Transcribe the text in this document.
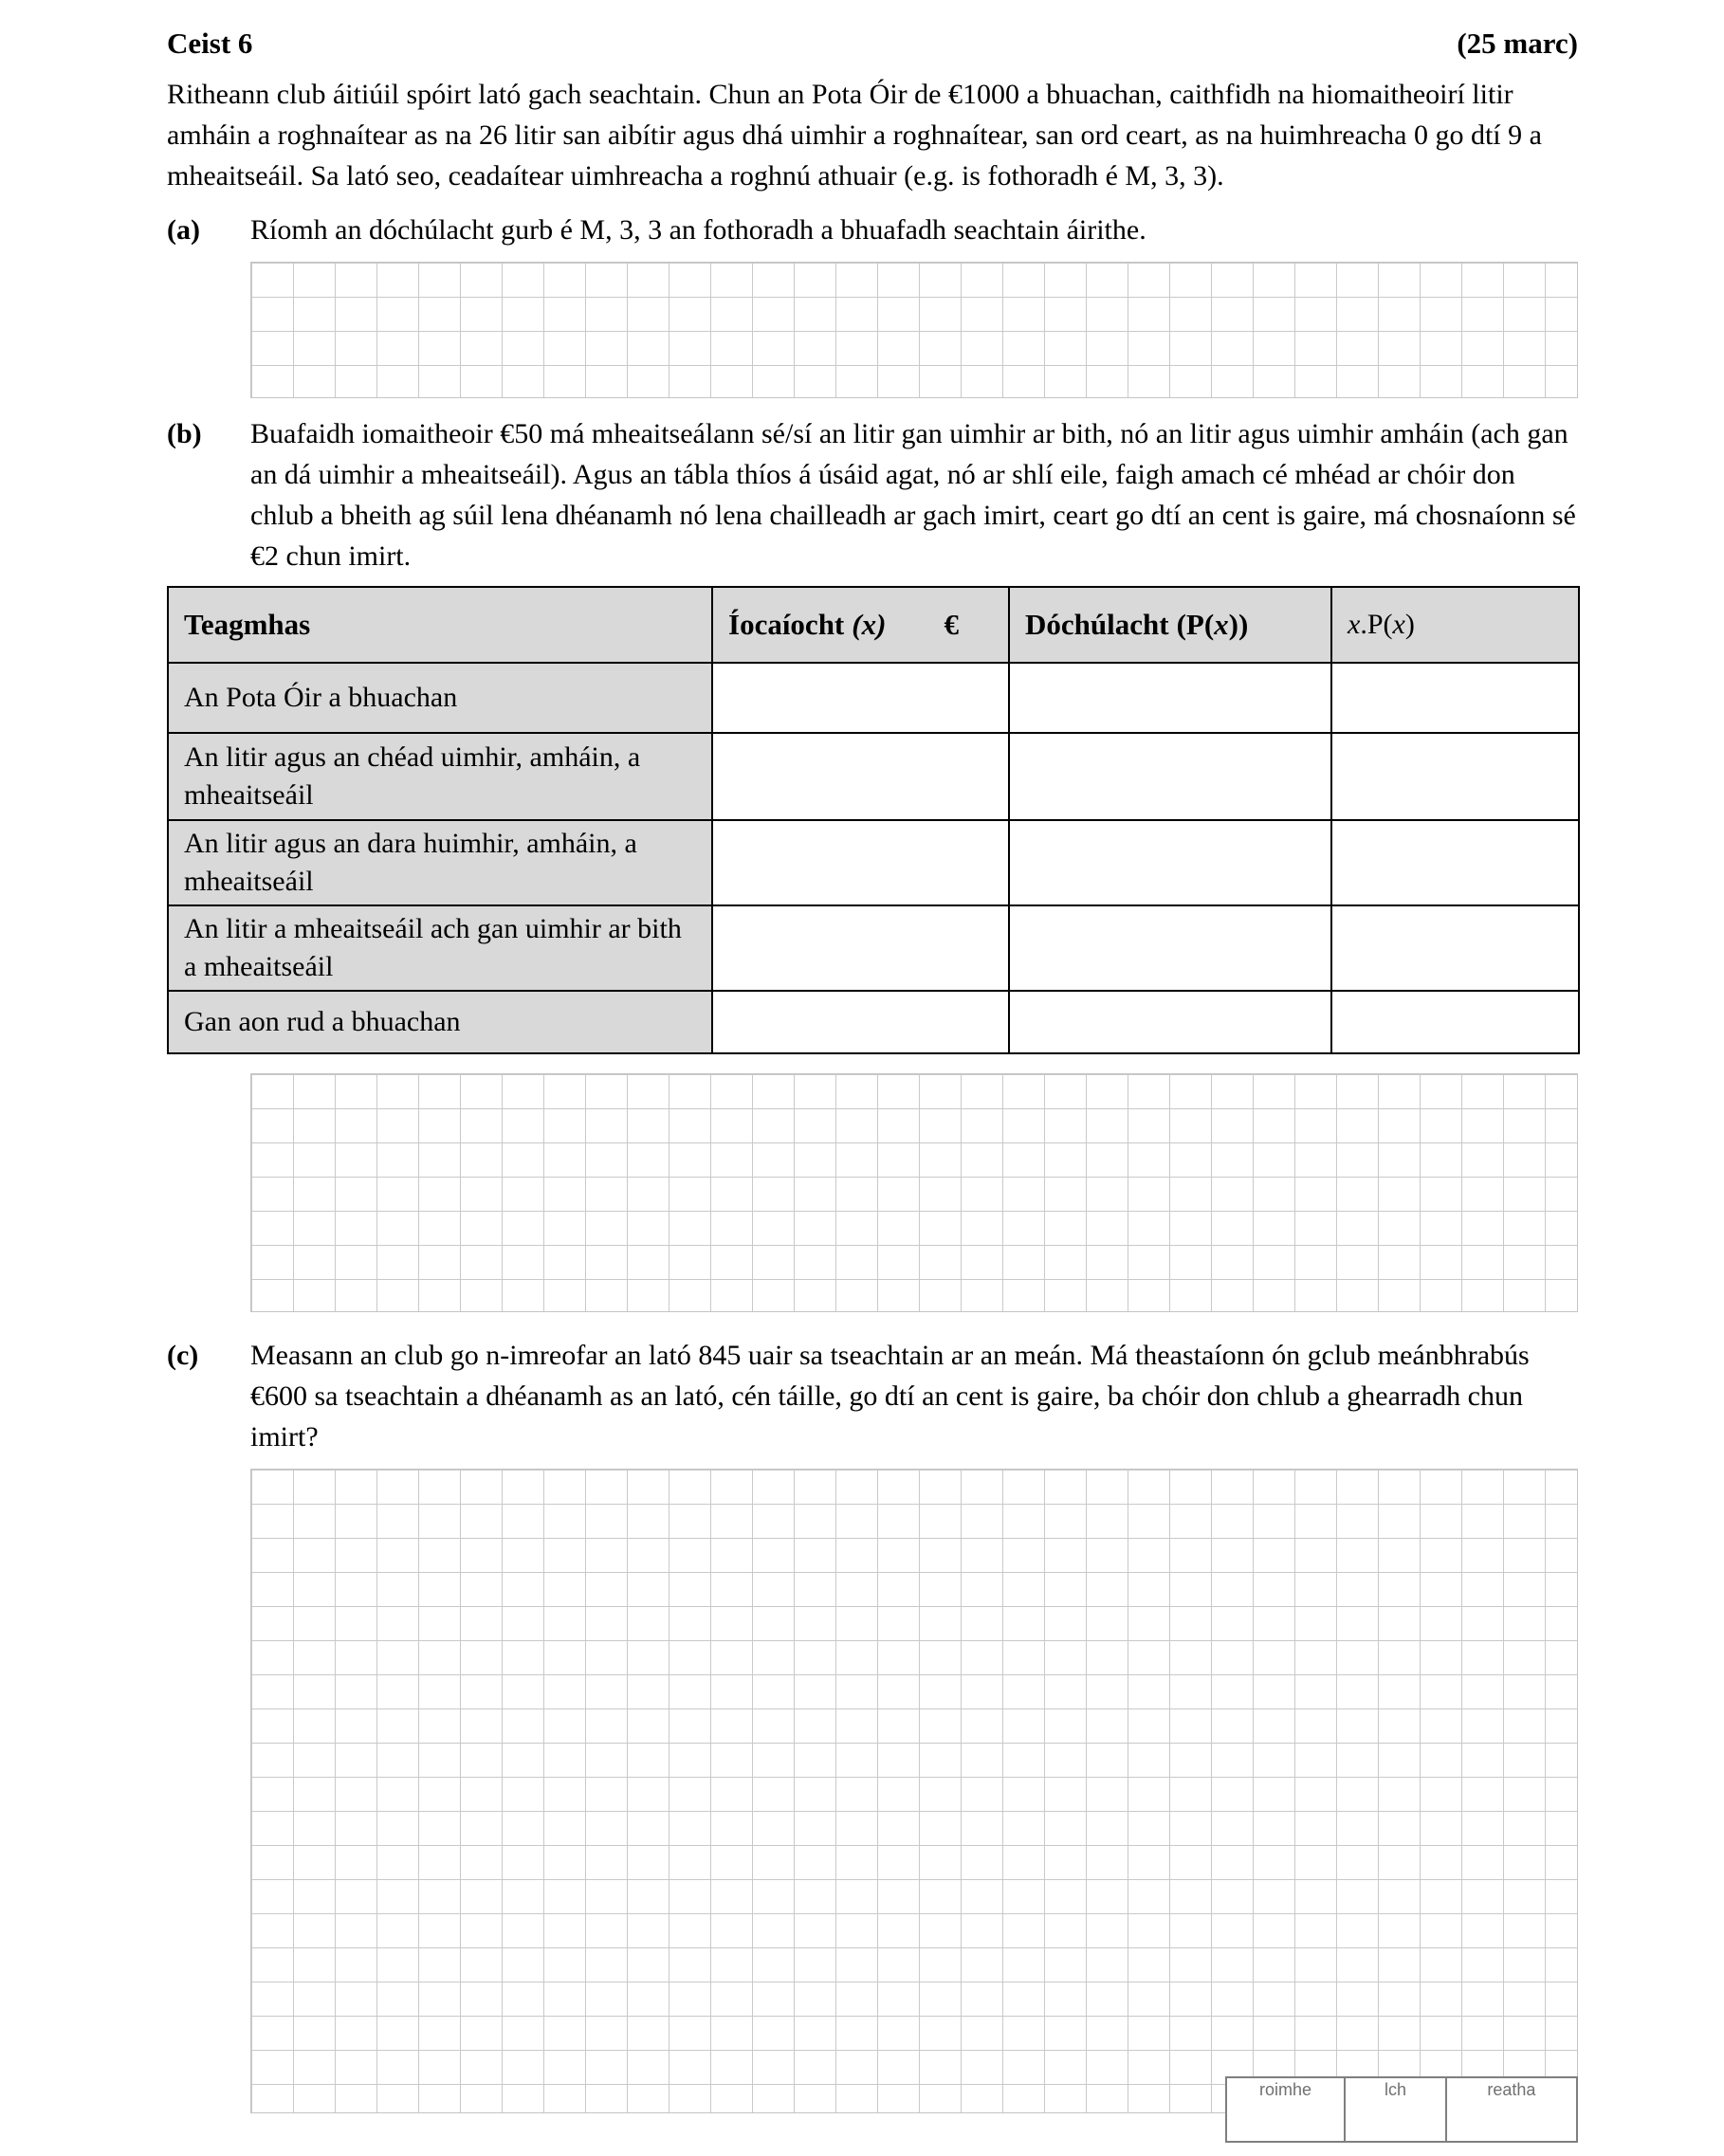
Ceist 6	(25 marc)
Ritheann club áitiúil spóirt lató gach seachtain. Chun an Pota Óir de €1000 a bhuachan, caithfidh na hiomaitheoirí litir amháin a roghnaítear as na 26 litir san aibítir agus dhá uimhir a roghnaítear, san ord ceart, as na huimhreacha 0 go dtí 9 a mheaitseáil. Sa lató seo, ceadaítear uimhreacha a roghnú athuair (e.g. is fothoradh é M, 3, 3).
(a)	Ríomh an dóchúlacht gurb é M, 3, 3 an fothoradh a bhuafadh seachtain áirithe.
(b)	Buafaidh iomaitheoir €50 má mheaitseálann sé/sí an litir gan uimhir ar bith, nó an litir agus uimhir amháin (ach gan an dá uimhir a mheaitseáil). Agus an tábla thíos á úsáid agat, nó ar shlí eile, faigh amach cé mhéad ar chóir don chlub a bheith ag súil lena dhéanamh nó lena chailleadh ar gach imirt, ceart go dtí an cent is gaire, má chosnaíonn sé €2 chun imirt.
Teagmhas	Íocaíocht (x) €	Dóchúlacht (P(x))	x.P(x)
An Pota Óir a bhuachan			
An litir agus an chéad uimhir, amháin, a mheaitseáil			
An litir agus an dara huimhir, amháin, a mheaitseáil			
An litir a mheaitseáil ach gan uimhir ar bith a mheaitseáil			
Gan aon rud a bhuachan			
(c)	Measann an club go n-imreofar an lató 845 uair sa tseachtain ar an meán. Má theastaíonn ón gclub meánbhrabús €600 sa tseachtain a dhéanamh as an lató, cén táille, go dtí an cent is gaire, ba chóir don chlub a ghearradh chun imirt?
roimhe	lch	reatha
